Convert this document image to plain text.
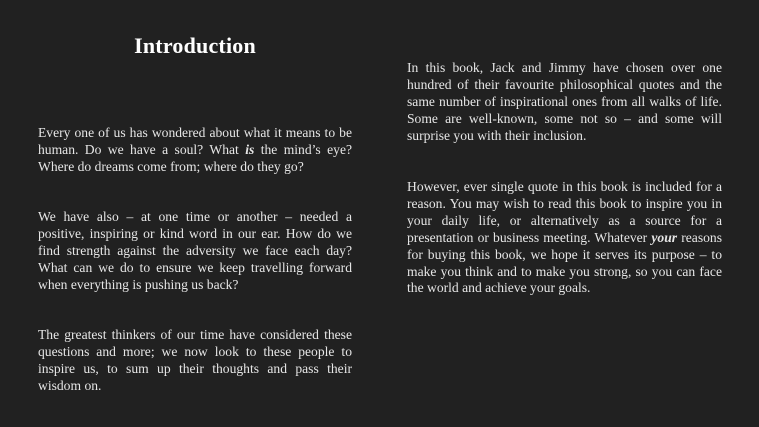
Introduction
Every one of us has wondered about what it means to be human. Do we have a soul? What is the mind’s eye? Where do dreams come from; where do they go?
We have also – at one time or another – needed a positive, inspiring or kind word in our ear. How do we find strength against the adversity we face each day? What can we do to ensure we keep travelling forward when everything is pushing us back?
The greatest thinkers of our time have considered these questions and more; we now look to these people to inspire us, to sum up their thoughts and pass their wisdom on.
In this book, Jack and Jimmy have chosen over one hundred of their favourite philosophical quotes and the same number of inspirational ones from all walks of life. Some are well-known, some not so – and some will surprise you with their inclusion.
However, ever single quote in this book is included for a reason. You may wish to read this book to inspire you in your daily life, or alternatively as a source for a presentation or business meeting. Whatever your reasons for buying this book, we hope it serves its purpose – to make you think and to make you strong, so you can face the world and achieve your goals.
